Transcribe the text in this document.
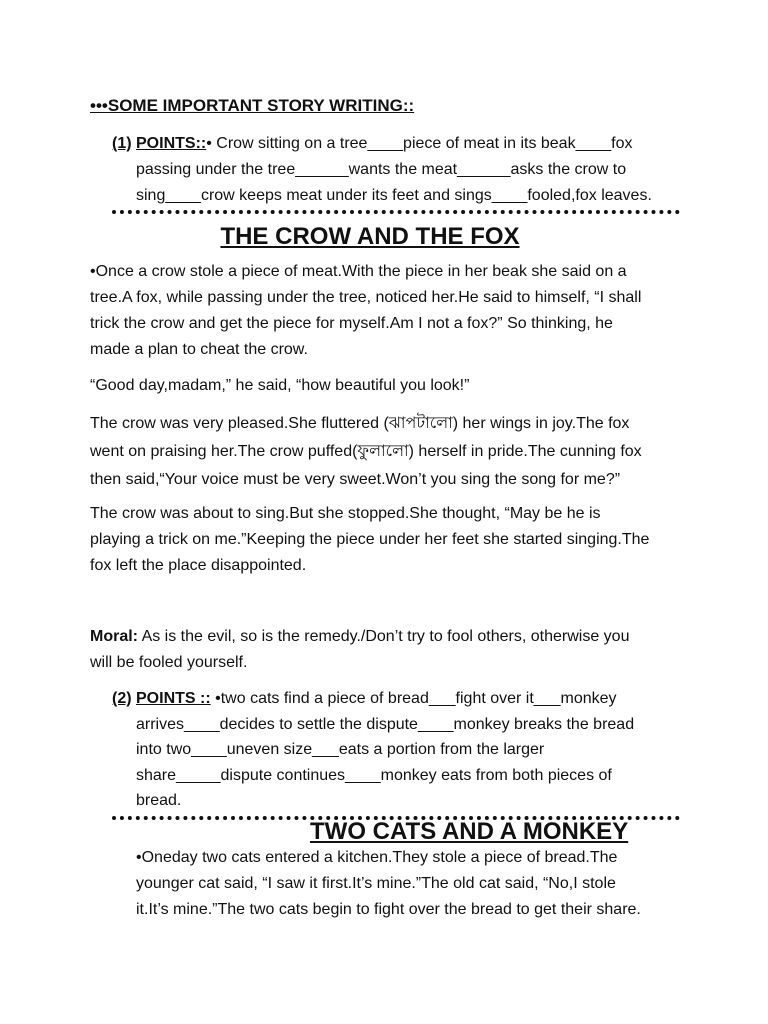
•••SOME IMPORTANT STORY WRITING::
(1) POINTS::• Crow sitting on a tree____piece of meat in its beak____fox
passing under the tree______wants the meat______asks the crow to
sing____crow keeps meat under its feet and sings____fooled,fox leaves.
THE CROW AND THE FOX
•Once a crow stole a piece of meat.With the piece in her beak she said on a
tree.A fox, while passing under the tree, noticed her.He said to himself, “I shall
trick the crow and get the piece for myself.Am I not a fox?” So thinking, he
made a plan to cheat the crow.
“Good day,madam,” he said, “how beautiful you look!”
The crow was very pleased.She fluttered (ঝাপটালো) her wings in joy.The fox
went on praising her.The crow puffed(ফুলালো) herself in pride.The cunning fox
then said,“Your voice must be very sweet.Won’t you sing the song for me?”
The crow was about to sing.But she stopped.She thought, “May be he is
playing a trick on me.”Keeping the piece under her feet she started singing.The
fox left the place disappointed.
Moral: As is the evil, so is the remedy./Don’t try to fool others, otherwise you
will be fooled yourself.
(2) POINTS :: •two cats find a piece of bread___fight over it___monkey
arrives____decides to settle the dispute____monkey breaks the bread
into two____uneven size___eats a portion from the larger
share_____dispute continues____monkey eats from both pieces of
bread.
TWO CATS AND A MONKEY
•Oneday two cats entered a kitchen.They stole a piece of bread.The
younger cat said, “I saw it first.It’s mine.”The old cat said, “No,I stole
it.It’s mine.”The two cats begin to fight over the bread to get their share.
